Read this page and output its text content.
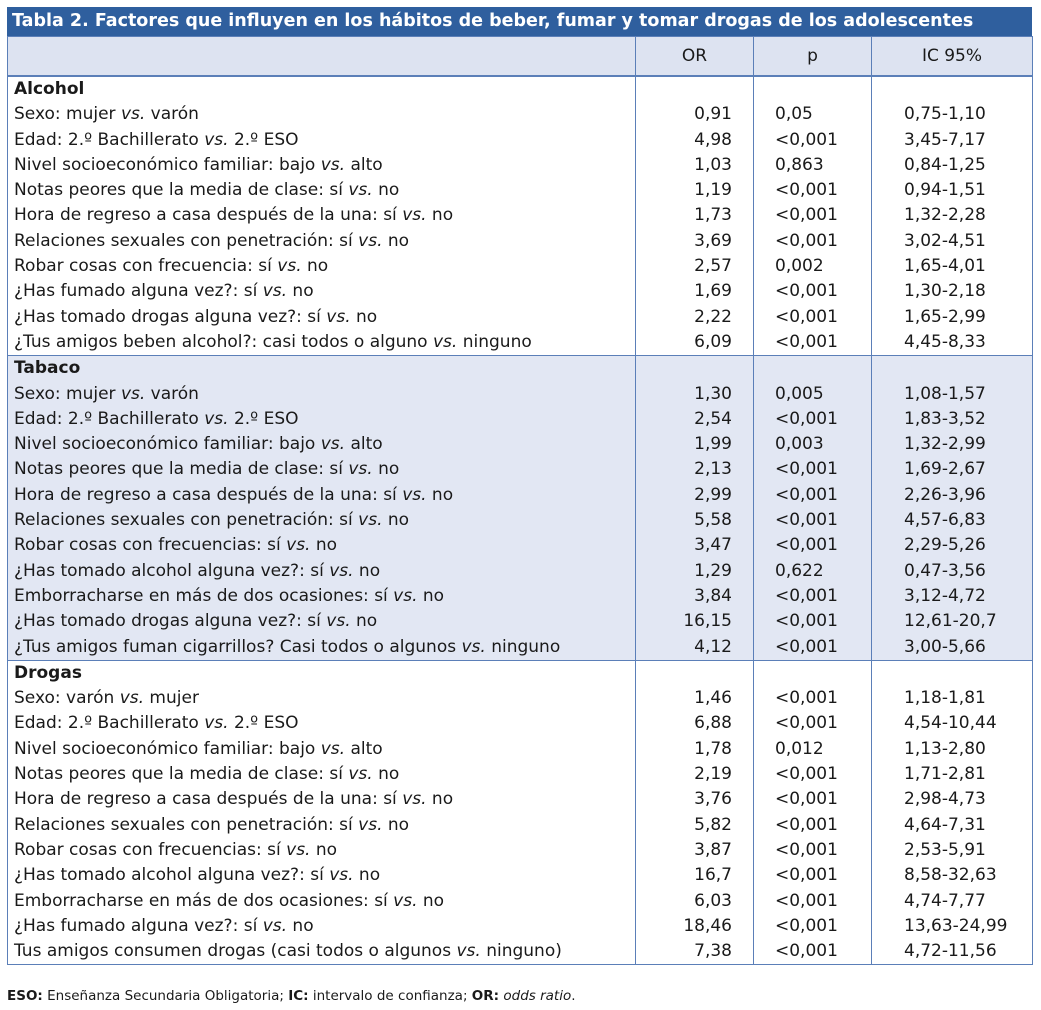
Tabla 2. Factores que influyen en los hábitos de beber, fumar y tomar drogas de los adolescentes
	OR	p	IC 95%
Alcohol			
Sexo: mujer vs. varón	0,91	0,05	0,75-1,10
Edad: 2.º Bachillerato vs. 2.º ESO	4,98	<0,001	3,45-7,17
Nivel socioeconómico familiar: bajo vs. alto	1,03	0,863	0,84-1,25
Notas peores que la media de clase: sí vs. no	1,19	<0,001	0,94-1,51
Hora de regreso a casa después de la una: sí vs. no	1,73	<0,001	1,32-2,28
Relaciones sexuales con penetración: sí vs. no	3,69	<0,001	3,02-4,51
Robar cosas con frecuencia: sí vs. no	2,57	0,002	1,65-4,01
¿Has fumado alguna vez?: sí vs. no	1,69	<0,001	1,30-2,18
¿Has tomado drogas alguna vez?: sí vs. no	2,22	<0,001	1,65-2,99
¿Tus amigos beben alcohol?: casi todos o alguno vs. ninguno	6,09	<0,001	4,45-8,33
Tabaco			
Sexo: mujer vs. varón	1,30	0,005	1,08-1,57
Edad: 2.º Bachillerato vs. 2.º ESO	2,54	<0,001	1,83-3,52
Nivel socioeconómico familiar: bajo vs. alto	1,99	0,003	1,32-2,99
Notas peores que la media de clase: sí vs. no	2,13	<0,001	1,69-2,67
Hora de regreso a casa después de la una: sí vs. no	2,99	<0,001	2,26-3,96
Relaciones sexuales con penetración: sí vs. no	5,58	<0,001	4,57-6,83
Robar cosas con frecuencias: sí vs. no	3,47	<0,001	2,29-5,26
¿Has tomado alcohol alguna vez?: sí vs. no	1,29	0,622	0,47-3,56
Emborracharse en más de dos ocasiones: sí vs. no	3,84	<0,001	3,12-4,72
¿Has tomado drogas alguna vez?: sí vs. no	16,15	<0,001	12,61-20,7
¿Tus amigos fuman cigarrillos? Casi todos o algunos vs. ninguno	4,12	<0,001	3,00-5,66
Drogas			
Sexo: varón vs. mujer	1,46	<0,001	1,18-1,81
Edad: 2.º Bachillerato vs. 2.º ESO	6,88	<0,001	4,54-10,44
Nivel socioeconómico familiar: bajo vs. alto	1,78	0,012	1,13-2,80
Notas peores que la media de clase: sí vs. no	2,19	<0,001	1,71-2,81
Hora de regreso a casa después de la una: sí vs. no	3,76	<0,001	2,98-4,73
Relaciones sexuales con penetración: sí vs. no	5,82	<0,001	4,64-7,31
Robar cosas con frecuencias: sí vs. no	3,87	<0,001	2,53-5,91
¿Has tomado alcohol alguna vez?: sí vs. no	16,7	<0,001	8,58-32,63
Emborracharse en más de dos ocasiones: sí vs. no	6,03	<0,001	4,74-7,77
¿Has fumado alguna vez?: sí vs. no	18,46	<0,001	13,63-24,99
Tus amigos consumen drogas (casi todos o algunos vs. ninguno)	7,38	<0,001	4,72-11,56
ESO: Enseñanza Secundaria Obligatoria; IC: intervalo de confianza; OR: odds ratio.
